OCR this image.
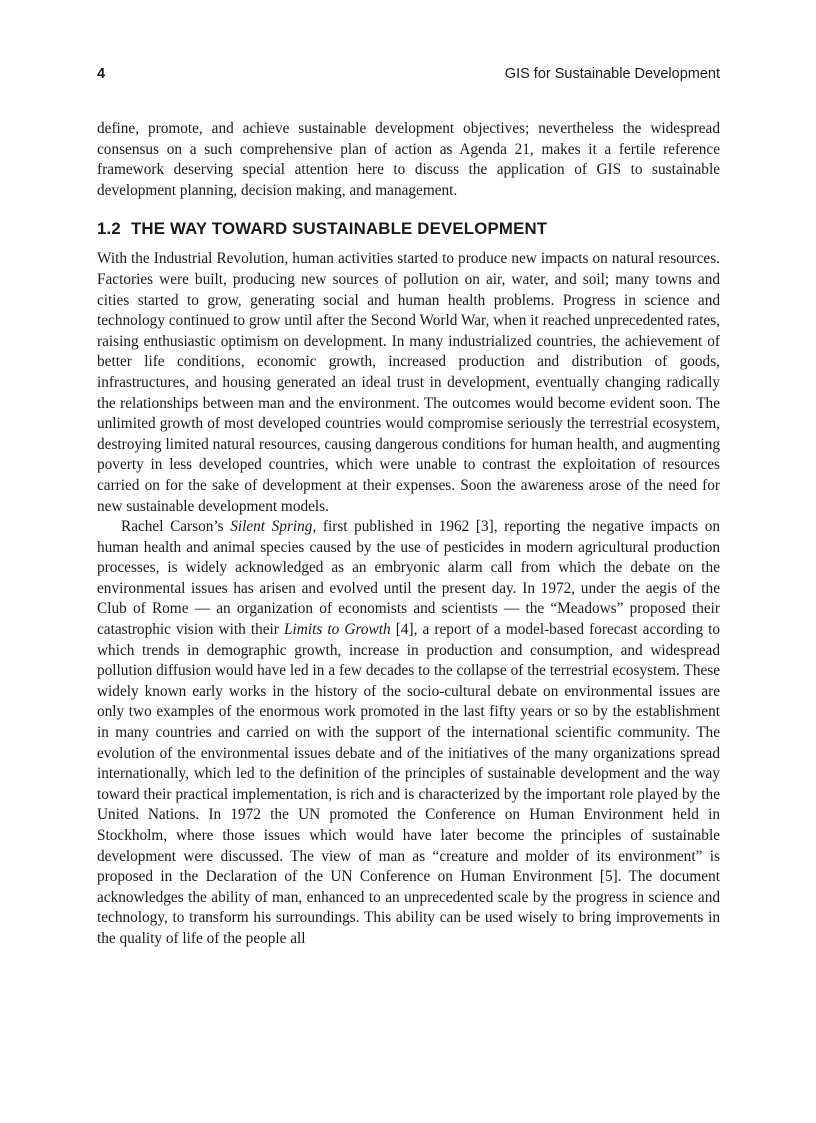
4	GIS for Sustainable Development

define, promote, and achieve sustainable development objectives; nevertheless the widespread consensus on a such comprehensive plan of action as Agenda 21, makes it a fertile reference framework deserving special attention here to discuss the application of GIS to sustainable development planning, decision making, and management.

1.2 THE WAY TOWARD SUSTAINABLE DEVELOPMENT

With the Industrial Revolution, human activities started to produce new impacts on natural resources. Factories were built, producing new sources of pollution on air, water, and soil; many towns and cities started to grow, generating social and human health problems. Progress in science and technology continued to grow until after the Second World War, when it reached unprecedented rates, raising enthusiastic optimism on development. In many industrialized countries, the achievement of better life conditions, economic growth, increased production and distribution of goods, infrastructures, and housing generated an ideal trust in development, eventually changing radically the relationships between man and the environment. The outcomes would become evident soon. The unlimited growth of most developed countries would compromise seriously the terrestrial ecosystem, destroying limited natural resources, causing dangerous conditions for human health, and augmenting poverty in less developed countries, which were unable to contrast the exploitation of resources carried on for the sake of development at their expenses. Soon the awareness arose of the need for new sustainable development models.

Rachel Carson’s Silent Spring, first published in 1962 [3], reporting the negative impacts on human health and animal species caused by the use of pesticides in modern agricultural production processes, is widely acknowledged as an embryonic alarm call from which the debate on the environmental issues has arisen and evolved until the present day. In 1972, under the aegis of the Club of Rome — an organization of economists and scientists — the “Meadows” proposed their catastrophic vision with their Limits to Growth [4], a report of a model-based forecast according to which trends in demographic growth, increase in production and consumption, and widespread pollution diffusion would have led in a few decades to the collapse of the terrestrial ecosystem. These widely known early works in the history of the socio-cultural debate on environmental issues are only two examples of the enormous work promoted in the last fifty years or so by the establishment in many countries and carried on with the support of the international scientific community. The evolution of the environmental issues debate and of the initiatives of the many organizations spread internationally, which led to the definition of the principles of sustainable development and the way toward their practical implementation, is rich and is characterized by the important role played by the United Nations. In 1972 the UN promoted the Conference on Human Environment held in Stockholm, where those issues which would have later become the principles of sustainable development were discussed. The view of man as “creature and molder of its environment” is proposed in the Declaration of the UN Conference on Human Environment [5]. The document acknowledges the ability of man, enhanced to an unprecedented scale by the progress in science and technology, to transform his surroundings. This ability can be used wisely to bring improvements in the quality of life of the people all
